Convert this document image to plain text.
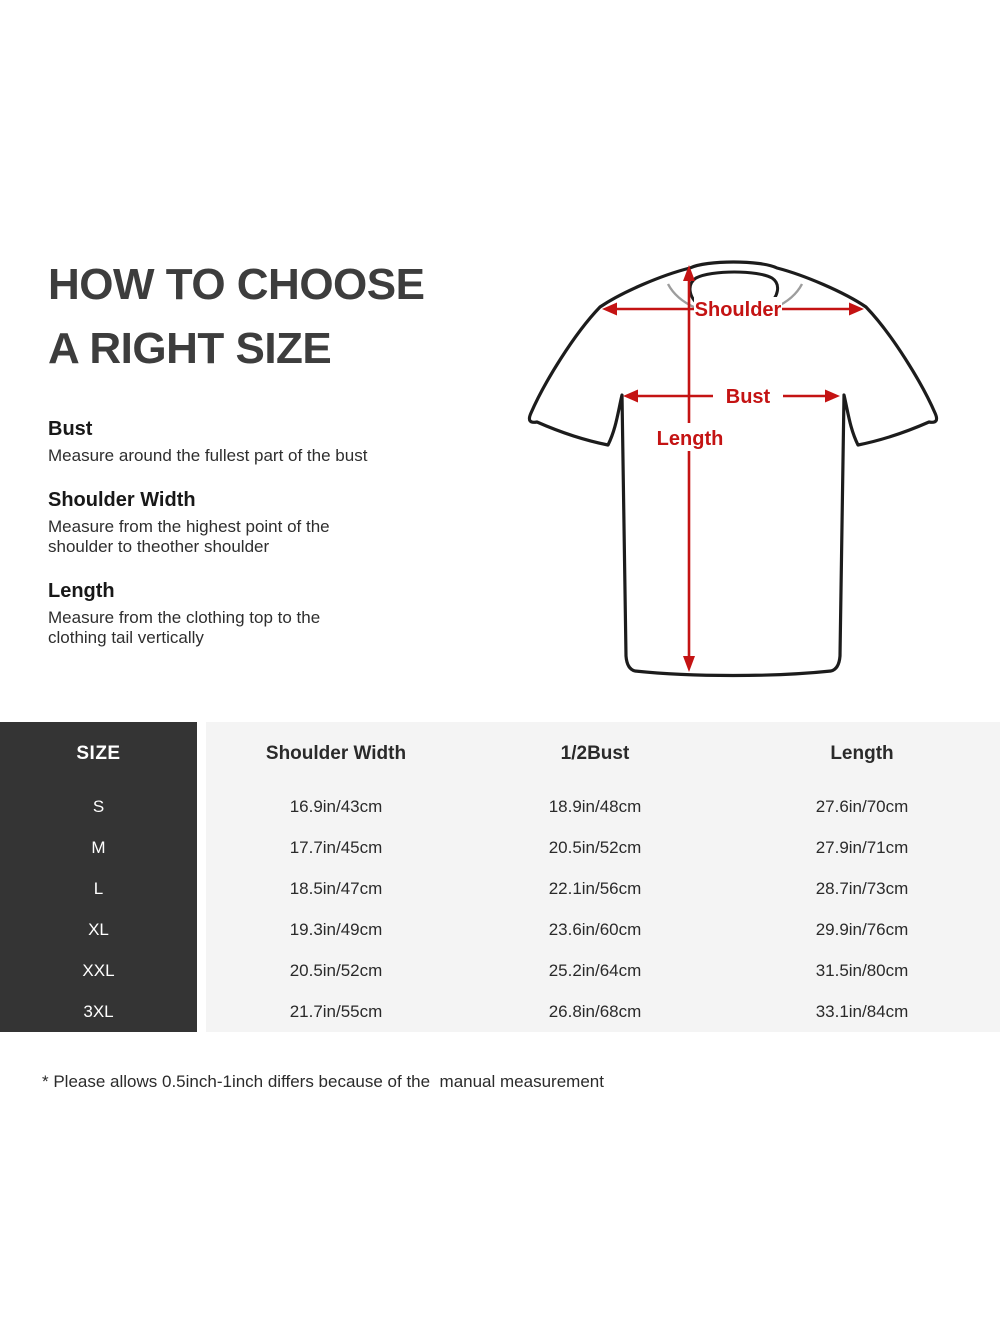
HOW TO CHOOSE
A RIGHT SIZE
Bust
Measure around the fullest part of the bust
Shoulder Width
Measure from the highest point of the
shoulder to theother shoulder
Length
Measure from the clothing top to the
clothing tail vertically
Shoulder
Bust
Length
SIZE	Shoulder Width	1/2Bust	Length
S	16.9in/43cm	18.9in/48cm	27.6in/70cm
M	17.7in/45cm	20.5in/52cm	27.9in/71cm
L	18.5in/47cm	22.1in/56cm	28.7in/73cm
XL	19.3in/49cm	23.6in/60cm	29.9in/76cm
XXL	20.5in/52cm	25.2in/64cm	31.5in/80cm
3XL	21.7in/55cm	26.8in/68cm	33.1in/84cm
* Please allows 0.5inch-1inch differs because of the  manual measurement
